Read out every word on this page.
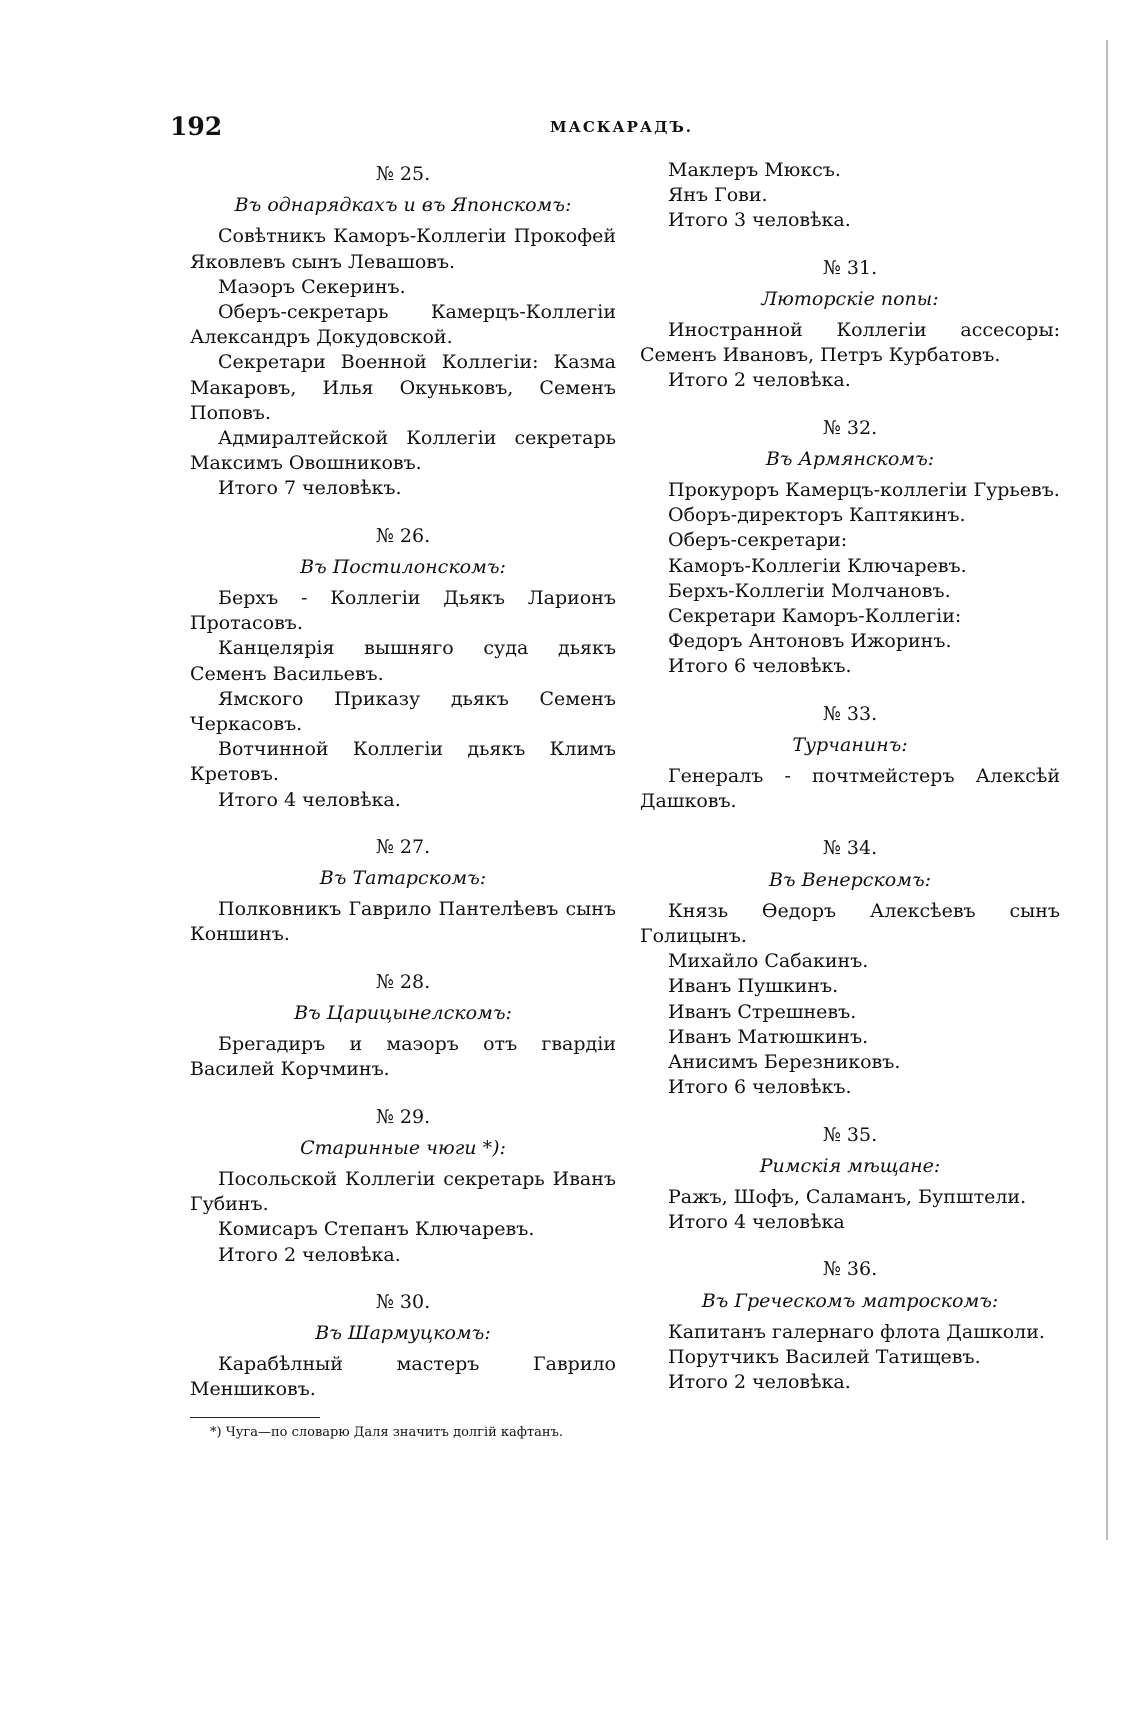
192	МАСКАРАДЪ.
№ 25.
Въ однарядкахъ и въ Японскомъ:
Совѣтникъ Каморъ-Коллегіи Прокофей Яковлевъ сынъ Левашовъ.
Маэоръ Секеринъ.
Оберъ-секретарь Камерцъ-Коллегіи Александръ Докудовской.
Секретари Военной Коллегіи: Казма Макаровъ, Илья Окуньковъ, Семенъ Поповъ.
Адмиралтейской Коллегіи секретарь Максимъ Овошниковъ.
Итого 7 человѣкъ.
№ 26.
Въ Постилонскомъ:
Берхъ - Коллегіи Дьякъ Ларионъ Протасовъ.
Канцелярія вышняго суда дьякъ Семенъ Васильевъ.
Ямского Приказу дьякъ Семенъ Черкасовъ.
Вотчинной Коллегіи дьякъ Климъ Кретовъ.
Итого 4 человѣка.
№ 27.
Въ Татарскомъ:
Полковникъ Гаврило Пантелѣевъ сынъ Коншинъ.
№ 28.
Въ Царицынелскомъ:
Брегадиръ и маэоръ отъ гвардіи Василей Корчминъ.
№ 29.
Старинные чюги *):
Посольской Коллегіи секретарь Иванъ Губинъ.
Комисаръ Степанъ Ключаревъ.
Итого 2 человѣка.
№ 30.
Въ Шармуцкомъ:
Карабѣлный мастеръ Гаврило Меншиковъ.
*) Чуга—по словарю Даля значитъ долгій кафтанъ.
Маклеръ Мюксъ.
Янъ Гови.
Итого 3 человѣка.
№ 31.
Люторскіе попы:
Иностранной Коллегіи ассесоры: Семенъ Ивановъ, Петръ Курбатовъ.
Итого 2 человѣка.
№ 32.
Въ Армянскомъ:
Прокуроръ Камерцъ-коллегіи Гурьевъ.
Оборъ-директоръ Каптякинъ.
Оберъ-секретари:
Каморъ-Коллегіи Ключаревъ.
Берхъ-Коллегіи Молчановъ.
Секретари Каморъ-Коллегіи:
Федоръ Антоновъ Ижоринъ.
Итого 6 человѣкъ.
№ 33.
Турчанинъ:
Генералъ - почтмейстеръ Алексѣй Дашковъ.
№ 34.
Въ Венерскомъ:
Князь Өедоръ Алексѣевъ сынъ Голицынъ.
Михайло Сабакинъ.
Иванъ Пушкинъ.
Иванъ Стрешневъ.
Иванъ Матюшкинъ.
Анисимъ Березниковъ.
Итого 6 человѣкъ.
№ 35.
Римскія мѣщане:
Ражъ, Шофъ, Саламанъ, Бупштели.
Итого 4 человѣка
№ 36.
Въ Греческомъ матроскомъ:
Капитанъ галернаго флота Дашколи.
Порутчикъ Василей Татищевъ.
Итого 2 человѣка.
